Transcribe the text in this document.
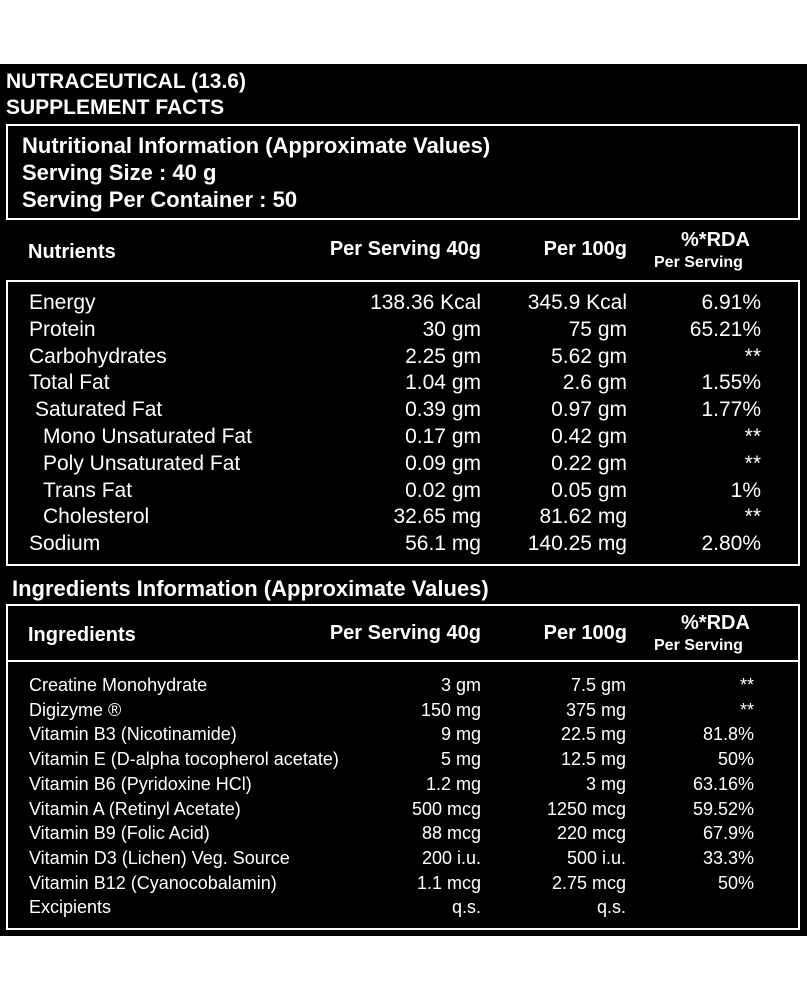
NUTRACEUTICAL (13.6)
SUPPLEMENT FACTS
Nutritional Information (Approximate Values)
Serving Size : 40 g
Serving Per Container : 50
Nutrients	Per Serving 40g	Per 100g	%*RDA
Per Serving
Energy	138.36 Kcal	345.9 Kcal	6.91%
Protein	30 gm	75 gm	65.21%
Carbohydrates	2.25 gm	5.62 gm	**
Total Fat	1.04 gm	2.6 gm	1.55%
Saturated Fat	0.39 gm	0.97 gm	1.77%
Mono Unsaturated Fat	0.17 gm	0.42 gm	**
Poly Unsaturated Fat	0.09 gm	0.22 gm	**
Trans Fat	0.02 gm	0.05 gm	1%
Cholesterol	32.65 mg	81.62 mg	**
Sodium	56.1 mg	140.25 mg	2.80%
Ingredients Information (Approximate Values)
Ingredients	Per Serving 40g	Per 100g	%*RDA
Per Serving
Creatine Monohydrate	3 gm	7.5 gm	**
Digizyme ®	150 mg	375 mg	**
Vitamin B3 (Nicotinamide)	9 mg	22.5 mg	81.8%
Vitamin E (D-alpha tocopherol acetate)	5 mg	12.5 mg	50%
Vitamin B6 (Pyridoxine HCl)	1.2 mg	3 mg	63.16%
Vitamin A (Retinyl Acetate)	500 mcg	1250 mcg	59.52%
Vitamin B9 (Folic Acid)	88 mcg	220 mcg	67.9%
Vitamin D3 (Lichen) Veg. Source	200 i.u.	500 i.u.	33.3%
Vitamin B12 (Cyanocobalamin)	1.1 mcg	2.75 mcg	50%
Excipients	q.s.	q.s.
